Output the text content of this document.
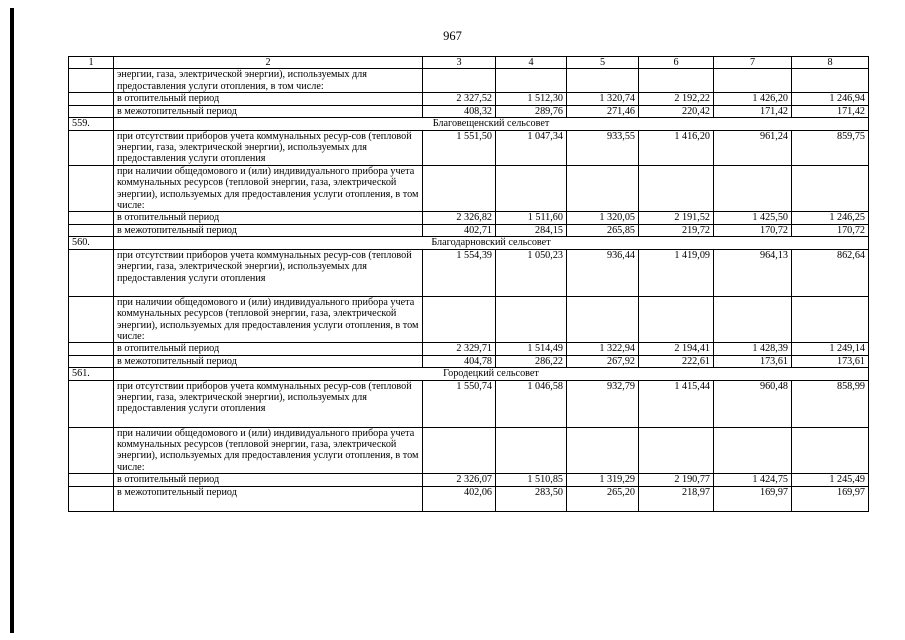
967
1	2	3	4	5	6	7	8
	энергии, газа, электрической энергии), используемых для предоставления услуги отопления, в том числе:						
	в отопительный период	2 327,52	1 512,30	1 320,74	2 192,22	1 426,20	1 246,94
	в межотопительный период	408,32	289,76	271,46	220,42	171,42	171,42
559.	Благовещенский сельсовет						
	при отсутствии приборов учета коммунальных ресур-сов (тепловой энергии, газа, электрической энергии), используемых для предоставления услуги отопления	1 551,50	1 047,34	933,55	1 416,20	961,24	859,75
	при наличии общедомового и (или) индивидуального прибора учета коммунальных ресурсов (тепловой энергии, газа, электрической энергии), используемых для предоставления услуги отопления, в том числе:						
	в отопительный период	2 326,82	1 511,60	1 320,05	2 191,52	1 425,50	1 246,25
	в межотопительный период	402,71	284,15	265,85	219,72	170,72	170,72
560.	Благодарновский сельсовет						
	при отсутствии приборов учета коммунальных ресур-сов (тепловой энергии, газа, электрической энергии), используемых для предоставления услуги отопления	1 554,39	1 050,23	936,44	1 419,09	964,13	862,64
	при наличии общедомового и (или) индивидуального прибора учета коммунальных ресурсов (тепловой энергии, газа, электрической энергии), используемых для предоставления услуги отопления, в том числе:						
	в отопительный период	2 329,71	1 514,49	1 322,94	2 194,41	1 428,39	1 249,14
	в межотопительный период	404,78	286,22	267,92	222,61	173,61	173,61
561.	Городецкий сельсовет						
	при отсутствии приборов учета коммунальных ресур-сов (тепловой энергии, газа, электрической энергии), используемых для предоставления услуги отопления	1 550,74	1 046,58	932,79	1 415,44	960,48	858,99
	при наличии общедомового и (или) индивидуального прибора учета коммунальных ресурсов (тепловой энергии, газа, электрической энергии), используемых для предоставления услуги отопления, в том числе:						
	в отопительный период	2 326,07	1 510,85	1 319,29	2 190,77	1 424,75	1 245,49
	в межотопительный период	402,06	283,50	265,20	218,97	169,97	169,97
